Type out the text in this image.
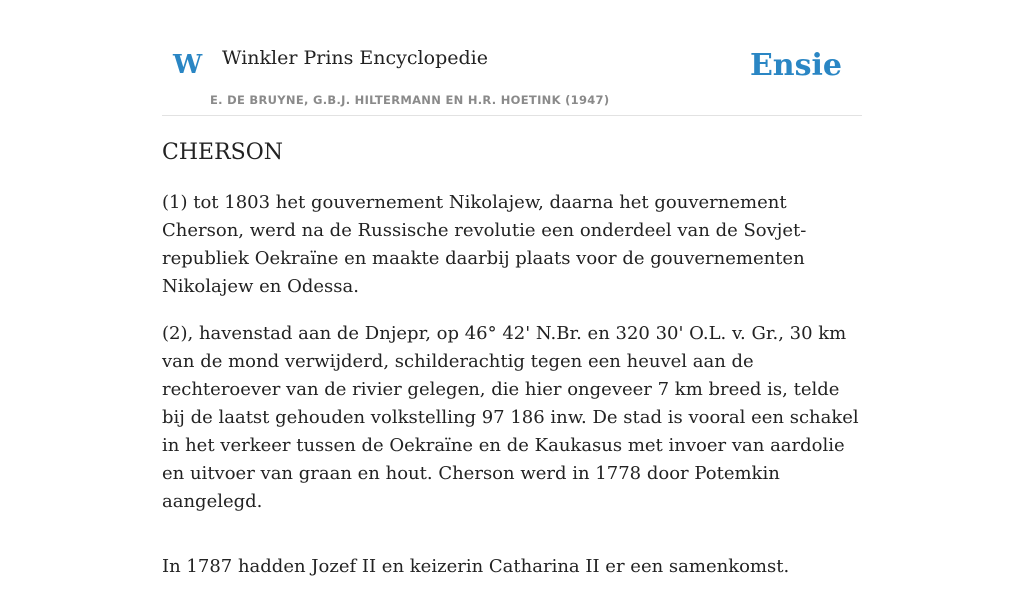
W Winkler Prins Encyclopedie
E. DE BRUYNE, G.B.J. HILTERMANN EN H.R. HOETINK (1947)
Ensie
CHERSON

(1) tot 1803 het gouvernement Nikolajew, daarna het gouvernement Cherson, werd na de Russische revolutie een onderdeel van de Sovjet-republiek Oekraïne en maakte daarbij plaats voor de gouvernementen Nikolajew en Odessa.

(2), havenstad aan de Dnjepr, op 46° 42' N.Br. en 320 30' O.L. v. Gr., 30 km van de mond verwijderd, schilderachtig tegen een heuvel aan de rechteroever van de rivier gelegen, die hier ongeveer 7 km breed is, telde bij de laatst gehouden volkstelling 97 186 inw. De stad is vooral een schakel in het verkeer tussen de Oekraïne en de Kaukasus met invoer van aardolie en uitvoer van graan en hout. Cherson werd in 1778 door Potemkin aangelegd.

In 1787 hadden Jozef II en keizerin Catharina II er een samenkomst.
